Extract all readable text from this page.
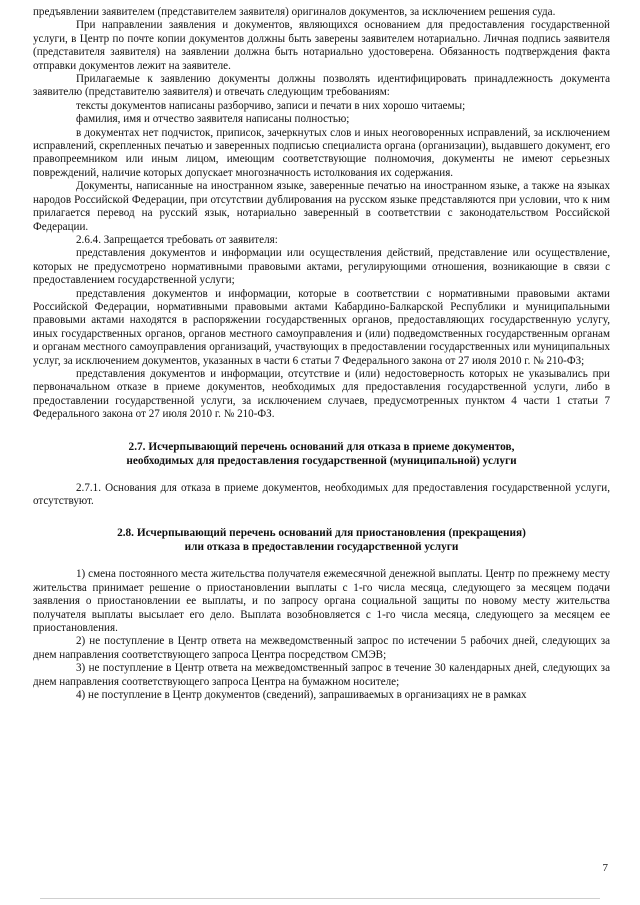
предъявлении заявителем (представителем заявителя) оригиналов документов, за исключением решения суда.

При направлении заявления и документов, являющихся основанием для предоставления государственной услуги, в Центр по почте копии документов должны быть заверены заявителем нотариально. Личная подпись заявителя (представителя заявителя) на заявлении должна быть нотариально удостоверена. Обязанность подтверждения факта отправки документов лежит на заявителе.

Прилагаемые к заявлению документы должны позволять идентифицировать принадлежность документа заявителю (представителю заявителя) и отвечать следующим требованиям:

тексты документов написаны разборчиво, записи и печати в них хорошо читаемы;

фамилия, имя и отчество заявителя написаны полностью;

в документах нет подчисток, приписок, зачеркнутых слов и иных неоговоренных исправлений, за исключением исправлений, скрепленных печатью и заверенных подписью специалиста органа (организации), выдавшего документ, его правопреемником или иным лицом, имеющим соответствующие полномочия, документы не имеют серьезных повреждений, наличие которых допускает многозначность истолкования их содержания.

Документы, написанные на иностранном языке, заверенные печатью на иностранном языке, а также на языках народов Российской Федерации, при отсутствии дублирования на русском языке представляются при условии, что к ним прилагается перевод на русский язык, нотариально заверенный в соответствии с законодательством Российской Федерации.

2.6.4. Запрещается требовать от заявителя:

представления документов и информации или осуществления действий, представление или осуществление, которых не предусмотрено нормативными правовыми актами, регулирующими отношения, возникающие в связи с предоставлением государственной услуги;

представления документов и информации, которые в соответствии с нормативными правовыми актами Российской Федерации, нормативными правовыми актами Кабардино-Балкарской Республики и муниципальными правовыми актами находятся в распоряжении государственных органов, предоставляющих государственную услугу, иных государственных органов, органов местного самоуправления и (или) подведомственных государственным органам и органам местного самоуправления организаций, участвующих в предоставлении государственных или муниципальных услуг, за исключением документов, указанных в части 6 статьи 7 Федерального закона от 27 июля 2010 г. № 210-ФЗ;

представления документов и информации, отсутствие и (или) недостоверность которых не указывались при первоначальном отказе в приеме документов, необходимых для предоставления государственной услуги, либо в предоставлении государственной услуги, за исключением случаев, предусмотренных пунктом 4 части 1 статьи 7 Федерального закона от 27 июля 2010 г. № 210-ФЗ.

2.7. Исчерпывающий перечень оснований для отказа в приеме документов,

необходимых для предоставления государственной (муниципальной) услуги

2.7.1. Основания для отказа в приеме документов, необходимых для предоставления государственной услуги, отсутствуют.

2.8. Исчерпывающий перечень оснований для приостановления (прекращения)

или отказа в предоставлении государственной услуги

1) смена постоянного места жительства получателя ежемесячной денежной выплаты. Центр по прежнему месту жительства принимает решение о приостановлении выплаты с 1-го числа месяца, следующего за месяцем подачи заявления о приостановлении ее выплаты, и по запросу органа социальной защиты по новому месту жительства получателя выплаты высылает его дело. Выплата возобновляется с 1-го числа месяца, следующего за месяцем ее приостановления.

2) не поступление в Центр ответа на межведомственный запрос по истечении 5 рабочих дней, следующих за днем направления соответствующего запроса Центра посредством СМЭВ;

3) не поступление в Центр ответа на межведомственный запрос в течение 30 календарных дней, следующих за днем направления соответствующего запроса Центра на бумажном носителе;

4) не поступление в Центр документов (сведений), запрашиваемых в организациях не в рамках

7
